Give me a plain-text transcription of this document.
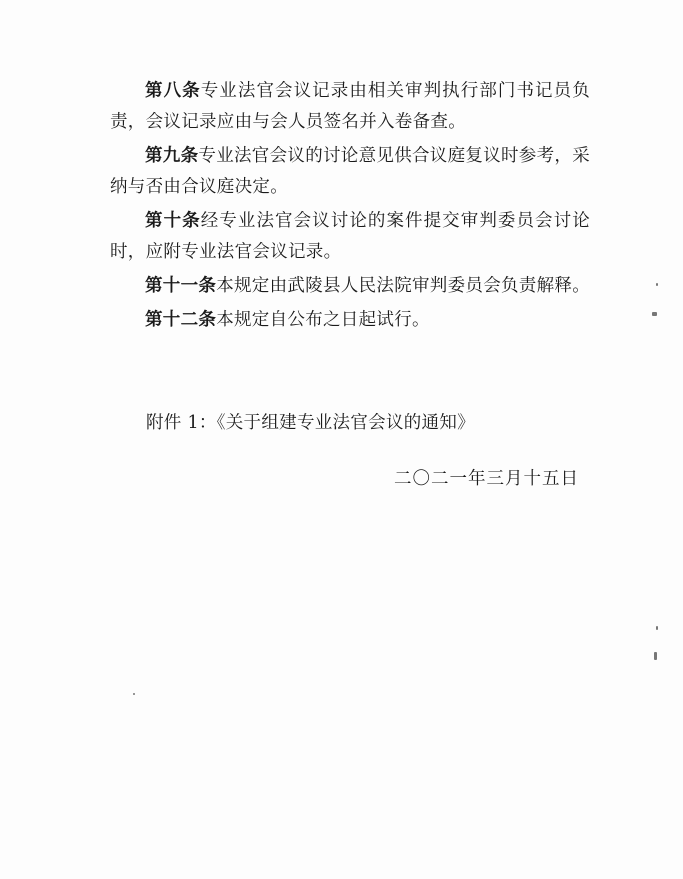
第八条专业法官会议记录由相关审判执行部门书记员负责，会议记录应由与会人员签名并入卷备查。

第九条专业法官会议的讨论意见供合议庭复议时参考，采纳与否由合议庭决定。

第十条经专业法官会议讨论的案件提交审判委员会讨论时，应附专业法官会议记录。

第十一条本规定由武陵县人民法院审判委员会负责解释。

第十二条本规定自公布之日起试行。

附件 1：《关于组建专业法官会议的通知》
二〇二一年三月十五日
